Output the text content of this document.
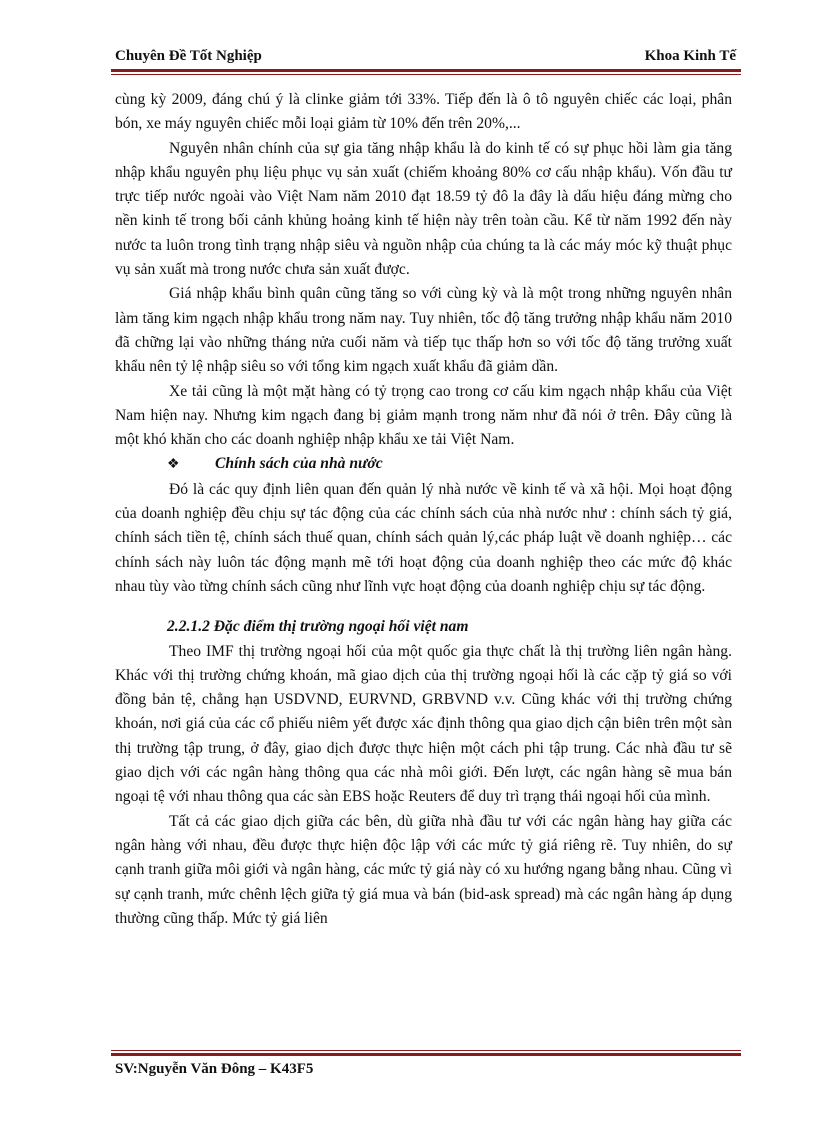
Chuyên Đề Tốt Nghiệp	Khoa Kinh Tế

cùng kỳ 2009, đáng chú ý là clinke giảm tới 33%. Tiếp đến là ô tô nguyên chiếc các loại, phân bón, xe máy nguyên chiếc mỗi loại giảm từ 10% đến trên 20%,...

Nguyên nhân chính của sự gia tăng nhập khẩu là do kinh tế có sự phục hồi làm gia tăng nhập khẩu nguyên phụ liệu phục vụ sản xuất (chiếm khoảng 80% cơ cấu nhập khẩu). Vốn đầu tư trực tiếp nước ngoài vào Việt Nam năm 2010 đạt 18.59 tỷ đô la đây là dấu hiệu đáng mừng cho nền kinh tế trong bối cảnh khủng hoảng kinh tế hiện này trên toàn cầu. Kể từ năm 1992 đến này nước ta luôn trong tình trạng nhập siêu và nguồn nhập của chúng ta là các máy móc kỹ thuật phục vụ sản xuất mà trong nước chưa sản xuất được.

Giá nhập khẩu bình quân cũng tăng so với cùng kỳ và là một trong những nguyên nhân làm tăng kim ngạch nhập khẩu trong năm nay. Tuy nhiên, tốc độ tăng trưởng nhập khẩu năm 2010 đã chững lại vào những tháng nửa cuối năm và tiếp tục thấp hơn so với tốc độ tăng trưởng xuất khẩu nên tỷ lệ nhập siêu so với tổng kim ngạch xuất khẩu đã giảm dần.

Xe tải cũng là một mặt hàng có tỷ trọng cao trong cơ cấu kim ngạch nhập khẩu của Việt Nam hiện nay. Nhưng kim ngạch đang bị giảm mạnh trong năm như đã nói ở trên. Đây cũng là một khó khăn cho các doanh nghiệp nhập khẩu xe tải Việt Nam.

❖ Chính sách của nhà nước

Đó là các quy định liên quan đến quản lý nhà nước về kinh tế và xã hội. Mọi hoạt động của doanh nghiệp đều chịu sự tác động của các chính sách của nhà nước như : chính sách tỷ giá, chính sách tiền tệ, chính sách thuế quan, chính sách quản lý,các pháp luật về doanh nghiệp… các chính sách này luôn tác động mạnh mẽ tới hoạt động của doanh nghiệp theo các mức độ khác nhau tùy vào từng chính sách cũng như lĩnh vực hoạt động của doanh nghiệp chịu sự tác động.

2.2.1.2 Đặc điểm thị trường ngoại hối việt nam

Theo IMF thị trường ngoại hối của một quốc gia thực chất là thị trường liên ngân hàng. Khác với thị trường chứng khoán, mã giao dịch của thị trường ngoại hối là các cặp tỷ giá so với đồng bản tệ, chẳng hạn USDVND, EURVND, GRBVND v.v. Cũng khác với thị trường chứng khoán, nơi giá của các cổ phiếu niêm yết được xác định thông qua giao dịch cận biên trên một sàn thị trường tập trung, ở đây, giao dịch được thực hiện một cách phi tập trung. Các nhà đầu tư sẽ giao dịch với các ngân hàng thông qua các nhà môi giới. Đến lượt, các ngân hàng sẽ mua bán ngoại tệ với nhau thông qua các sàn EBS hoặc Reuters để duy trì trạng thái ngoại hối của mình.

Tất cả các giao dịch giữa các bên, dù giữa nhà đầu tư với các ngân hàng hay giữa các ngân hàng với nhau, đều được thực hiện độc lập với các mức tỷ giá riêng rẽ. Tuy nhiên, do sự cạnh tranh giữa môi giới và ngân hàng, các mức tỷ giá này có xu hướng ngang bằng nhau. Cũng vì sự cạnh tranh, mức chênh lệch giữa tỷ giá mua và bán (bid-ask spread) mà các ngân hàng áp dụng thường cũng thấp. Mức tỷ giá liên

SV:Nguyễn Văn Đông – K43F5
